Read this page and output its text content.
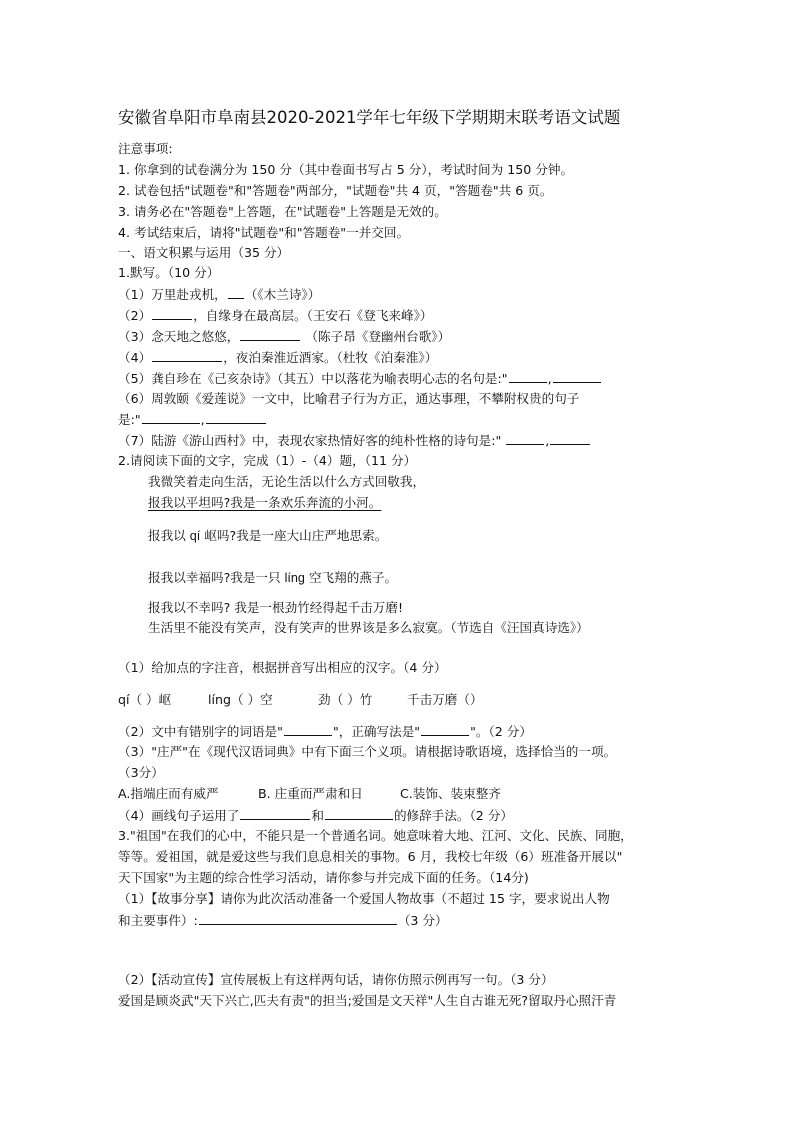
安徽省阜阳市阜南县2020-2021学年七年级下学期期末联考语文试题
注意事项:
1. 你拿到的试卷满分为 150 分（其中卷面书写占 5 分），考试时间为 150 分钟。
2. 试卷包括"试题卷"和"答题卷"两部分，"试题卷"共 4 页，"答题卷"共 6 页。
3. 请务必在"答题卷"上答题，在"试题卷"上答题是无效的。
4. 考试结束后，请将"试题卷"和"答题卷"一并交回。
一、语文积累与运用（35 分）
1.默写。（10 分）
（1）万里赴戎机， （《木兰诗》）
（2）	，自缘身在最高层。（王安石《登飞来峰》）
（3）念天地之悠悠，	（陈子昂《登幽州台歌》）
（4）	，夜泊秦淮近酒家。（杜牧《泊秦淮》）
（5）龚自珍在《己亥杂诗》（其五）中以落花为喻表明心志的名句是:"	,
（6）周敦颐《爱莲说》一文中，比喻君子行为方正，通达事理，不攀附权贵的句子
是:"	,
（7）陆游《游山西村》中，表现农家热情好客的纯朴性格的诗句是:"	,
2.请阅读下面的文字，完成（1）-（4）题，（11 分）
我微笑着走向生活，无论生活以什么方式回敬我，
报我以平坦吗?我是一条欢乐奔流的小河。
报我以 qí 岖吗?我是一座大山庄严地思索。
报我以幸福吗?我是一只 líng 空飞翔的燕子。
报我以不幸吗? 我是一根劲竹经得起千击万磨!
生活里不能没有笑声，没有笑声的世界该是多么寂寞。（节选自《汪国真诗选》）
（1）给加点的字注音，根据拼音写出相应的汉字。（4 分）
qí（ ）岖	líng（ ）空	劲（ ）竹	千击万磨（）
（2）文中有错别字的词语是"	"，正确写法是"	"。（2 分）
（3）"庄严"在《现代汉语词典》中有下面三个义项。请根据诗歌语境，选择恰当的一项。
（3分）
A.指端庄而有威严	B. 庄重而严肃和日	C.装饰、装束整齐
（4）画线句子运用了	和	的修辞手法。（2 分）
3."祖国"在我们的心中，不能只是一个普通名词。她意味着大地、江河、文化、民族、同胞，
等等。爱祖国，就是爱这些与我们息息相关的事物。6 月，我校七年级（6）班准备开展以"
天下国家"为主题的综合性学习活动，请你参与并完成下面的任务。（14分)
（1）【故事分享】请你为此次活动准备一个爱国人物故事（不超过 15 字，要求说出人物
和主要事件）:	（3 分）
（2）【活动宣传】宣传展板上有这样两句话，请你仿照示例再写一句。（3 分）
爱国是顾炎武"天下兴亡,匹夫有责"的担当;爱国是文天祥"人生自古谁无死?留取丹心照汗青
